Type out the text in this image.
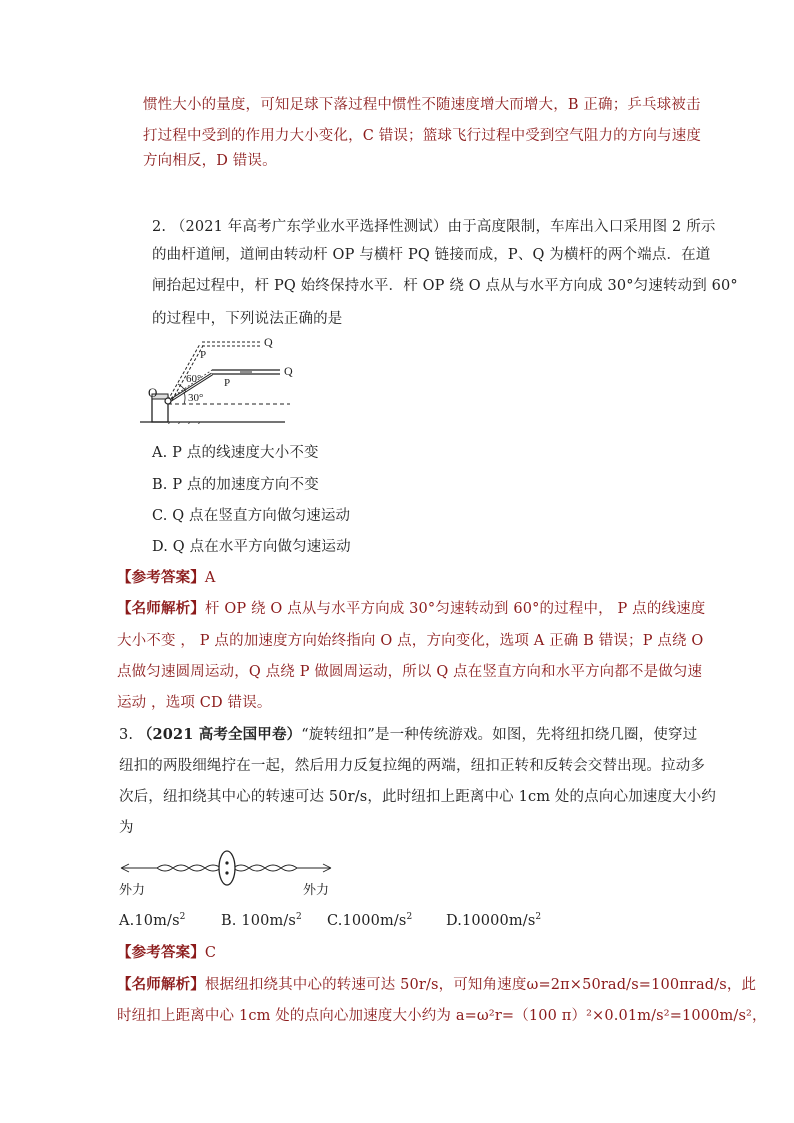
惯性大小的量度，可知足球下落过程中惯性不随速度增大而增大，B 正确；乒乓球被击
打过程中受到的作用力大小变化，C 错误；篮球飞行过程中受到空气阻力的方向与速度
方向相反，D 错误。
2. （2021 年高考广东学业水平选择性测试）由于高度限制，车库出入口采用图 2 所示
的曲杆道闸，道闸由转动杆 OP 与横杆 PQ 链接而成，P、Q 为横杆的两个端点．在道
闸抬起过程中，杆 PQ 始终保持水平．杆 OP 绕 O 点从与水平方向成 30°匀速转动到 60°
的过程中，下列说法正确的是
O
P
Q
P
Q
60°
30°
A. P 点的线速度大小不变
B. P 点的加速度方向不变
C. Q 点在竖直方向做匀速运动
D. Q 点在水平方向做匀速运动
【参考答案】A
【名师解析】杆 OP 绕 O 点从与水平方向成 30°匀速转动到 60°的过程中， P 点的线速度
大小不变 ， P 点的加速度方向始终指向 O 点，方向变化，选项 A 正确 B 错误；P 点绕 O
点做匀速圆周运动，Q 点绕 P 做圆周运动，所以 Q 点在竖直方向和水平方向都不是做匀速
运动 ，选项 CD 错误。
3. （2021 高考全国甲卷）“旋转纽扣”是一种传统游戏。如图，先将纽扣绕几圈，使穿过
纽扣的两股细绳拧在一起，然后用力反复拉绳的两端，纽扣正转和反转会交替出现。拉动多
次后，纽扣绕其中心的转速可达 50r/s，此时纽扣上距离中心 1cm 处的点向心加速度大小约
为
外力	外力
$A.10m/s^2$ B. $100m/s^2$ $C.1000m/s^2$ $D.10000m/s^2$
【参考答案】C
【名师解析】根据纽扣绕其中心的转速可达 50r/s，可知角速度ω=2π×50rad/s=100πrad/s，此
时纽扣上距离中心 1cm 处的点向心加速度大小约为 a=ω²r=（100 π）²×0.01m/s²=1000m/s²，
